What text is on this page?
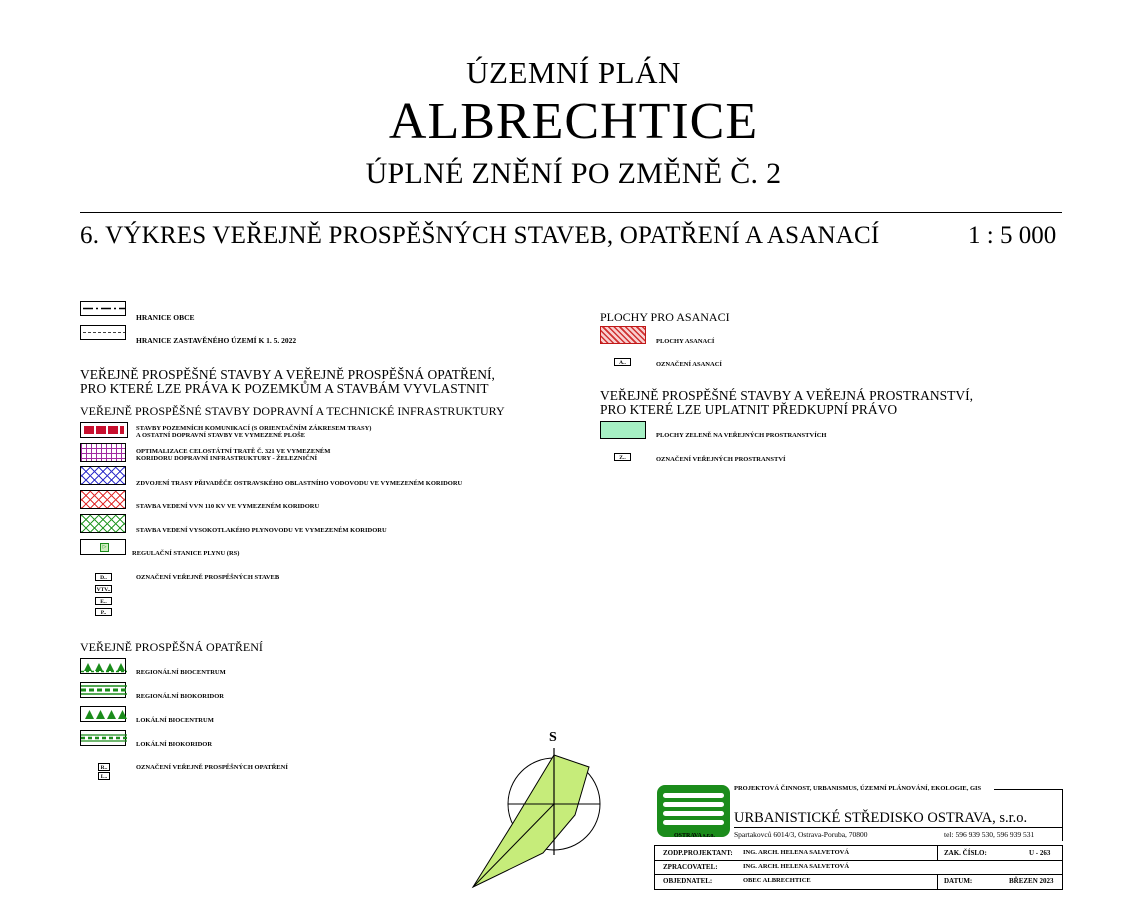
ÚZEMNÍ PLÁN
ALBRECHTICE
ÚPLNÉ ZNĚNÍ PO ZMĚNĚ Č. 2
6. VÝKRES VEŘEJNĚ PROSPĚŠNÝCH STAVEB, OPATŘENÍ A ASANACÍ	1 : 5 000
HRANICE OBCE
HRANICE ZASTAVĚNÉHO ÚZEMÍ K 1. 5. 2022
VEŘEJNĚ PROSPĚŠNÉ STAVBY A VEŘEJNĚ PROSPĚŠNÁ OPATŘENÍ,
PRO KTERÉ LZE PRÁVA K POZEMKŮM A STAVBÁM VYVLASTNIT
VEŘEJNĚ PROSPĚŠNÉ STAVBY DOPRAVNÍ A TECHNICKÉ INFRASTRUKTURY
STAVBY POZEMNÍCH KOMUNIKACÍ (S ORIENTAČNÍM ZÁKRESEM TRASY)
A OSTATNÍ DOPRAVNÍ STAVBY VE VYMEZENÉ PLOŠE
OPTIMALIZACE CELOSTÁTNÍ TRATĚ Č. 321 VE VYMEZENÉM
KORIDORU DOPRAVNÍ INFRASTRUKTURY - ŽELEZNIČNÍ
ZDVOJENÍ TRASY PŘIVADĚČE OSTRAVSKÉHO OBLASTNÍHO VODOVODU VE VYMEZENÉM KORIDORU
STAVBA VEDENÍ VVN 110 KV VE VYMEZENÉM KORIDORU
STAVBA VEDENÍ VYSOKOTLAKÉHO PLYNOVODU VE VYMEZENÉM KORIDORU
▷
REGULAČNÍ STANICE PLYNU (RS)
D..
VTV..
E..
P..
OZNAČENÍ VEŘEJNĚ PROSPĚŠNÝCH STAVEB
VEŘEJNĚ PROSPĚŠNÁ OPATŘENÍ
REGIONÁLNÍ BIOCENTRUM
REGIONÁLNÍ BIOKORIDOR
LOKÁLNÍ BIOCENTRUM
LOKÁLNÍ BIOKORIDOR
R..
L..
OZNAČENÍ VEŘEJNĚ PROSPĚŠNÝCH OPATŘENÍ
PLOCHY PRO ASANACI
PLOCHY ASANACÍ
A..	OZNAČENÍ ASANACÍ
VEŘEJNĚ PROSPĚŠNÉ STAVBY A VEŘEJNÁ PROSTRANSTVÍ,
PRO KTERÉ LZE UPLATNIT PŘEDKUPNÍ PRÁVO
PLOCHY ZELENĚ NA VEŘEJNÝCH PROSTRANSTVÍCH
Z..	OZNAČENÍ VEŘEJNÝCH PROSTRANSTVÍ
S
OSTRAVA s.r.o.
PROJEKTOVÁ ČINNOST, URBANISMUS, ÚZEMNÍ PLÁNOVÁNÍ, EKOLOGIE, GIS
URBANISTICKÉ STŘEDISKO OSTRAVA, s.r.o.
Spartakovců 6014/3, Ostrava-Poruba, 70800	tel: 596 939 530, 596 939 531
ZODP.PROJEKTANT: ING. ARCH. HELENA SALVETOVÁ	ZAK. ČÍSLO:	U - 263
ZPRACOVATEL:	ING. ARCH. HELENA SALVETOVÁ
OBJEDNATEL:	OBEC ALBRECHTICE	DATUM:	BŘEZEN 2023
